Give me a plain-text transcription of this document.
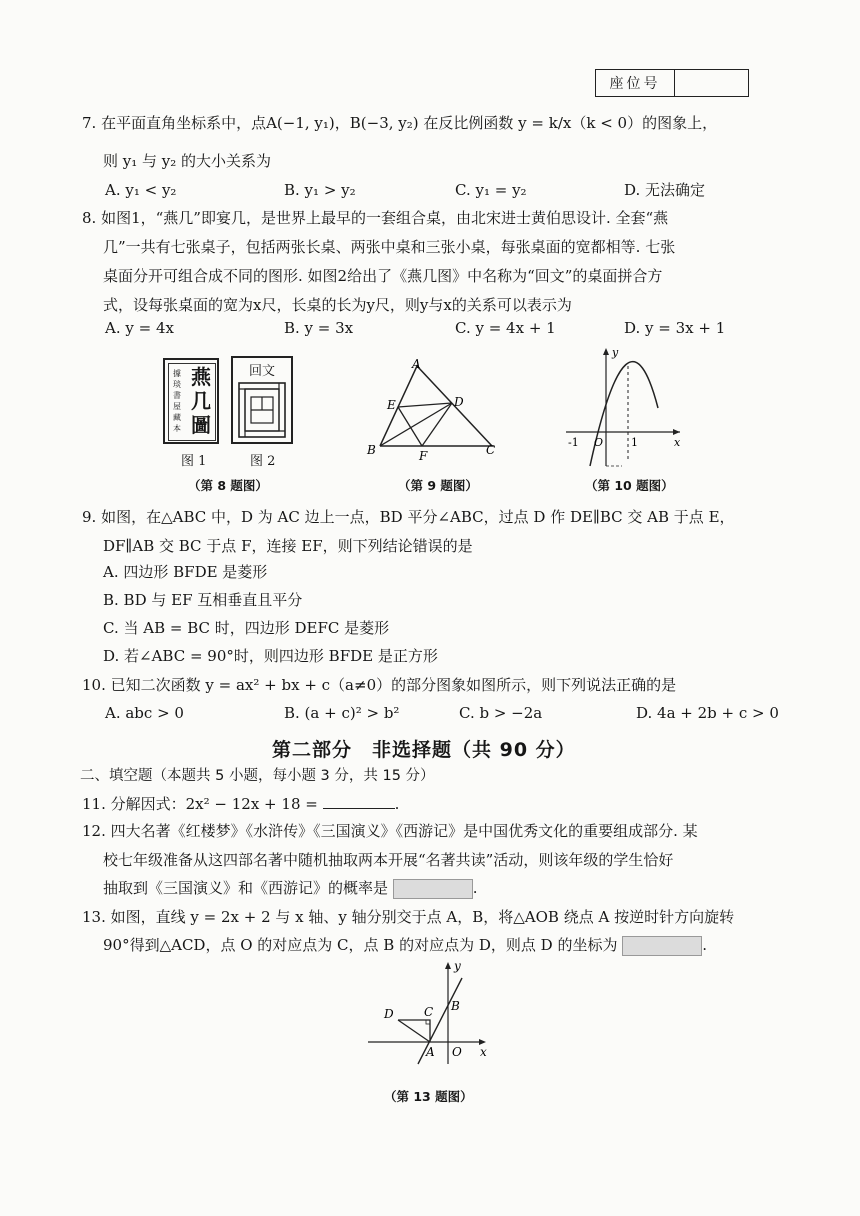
座位号
7. 在平面直角坐标系中，点A(−1, y₁)，B(−3, y₂) 在反比例函数 y = k/x（k < 0）的图象上，
则 y₁ 与 y₂ 的大小关系为
A. y₁ < y₂	B. y₁ > y₂	C. y₁ = y₂	D. 无法确定
8. 如图1，“燕几”即宴几，是世界上最早的一套组合桌，由北宋进士黄伯思设计. 全套“燕
几”一共有七张桌子，包括两张长桌、两张中桌和三张小桌，每张桌面的宽都相等. 七张
桌面分开可组合成不同的图形. 如图2给出了《燕几图》中名称为“回文”的桌面拼合方
式，设每张桌面的宽为x尺，长桌的长为y尺，则y与x的关系可以表示为
A. y = 4x	B. y = 3x	C. y = 4x + 1	D. y = 3x + 1
據琰書屋藏本
燕几圖
图 1
回文
图 2
（第 8 题图）
A
E	D
B	F	C
（第 9 题图）
y
x
-1 O	1
（第 10 题图）
9. 如图，在△ABC 中，D 为 AC 边上一点，BD 平分∠ABC，过点 D 作 DE∥BC 交 AB 于点 E，
DF∥AB 交 BC 于点 F，连接 EF，则下列结论错误的是
A. 四边形 BFDE 是菱形
B. BD 与 EF 互相垂直且平分
C. 当 AB = BC 时，四边形 DEFC 是菱形
D. 若∠ABC = 90°时，则四边形 BFDE 是正方形
10. 已知二次函数 y = ax² + bx + c（a≠0）的部分图象如图所示，则下列说法正确的是
A. abc > 0	B. (a + c)² > b²	C. b > −2a	D. 4a + 2b + c > 0
第二部分　非选择题（共 90 分）
二、填空题（本题共 5 小题，每小题 3 分，共 15 分）
11. 分解因式：2x² − 12x + 18 =	.
12. 四大名著《红楼梦》《水浒传》《三国演义》《西游记》是中国优秀文化的重要组成部分. 某
校七年级准备从这四部名著中随机抽取两本开展“名著共读”活动，则该年级的学生恰好
抽取到《三国演义》和《西游记》的概率是	.
13. 如图，直线 y = 2x + 2 与 x 轴、y 轴分别交于点 A，B，将△AOB 绕点 A 按逆时针方向旋转
90°得到△ACD，点 O 的对应点为 C，点 B 的对应点为 D，则点 D 的坐标为	.
y
x
B
C
D
A O
（第 13 题图）
